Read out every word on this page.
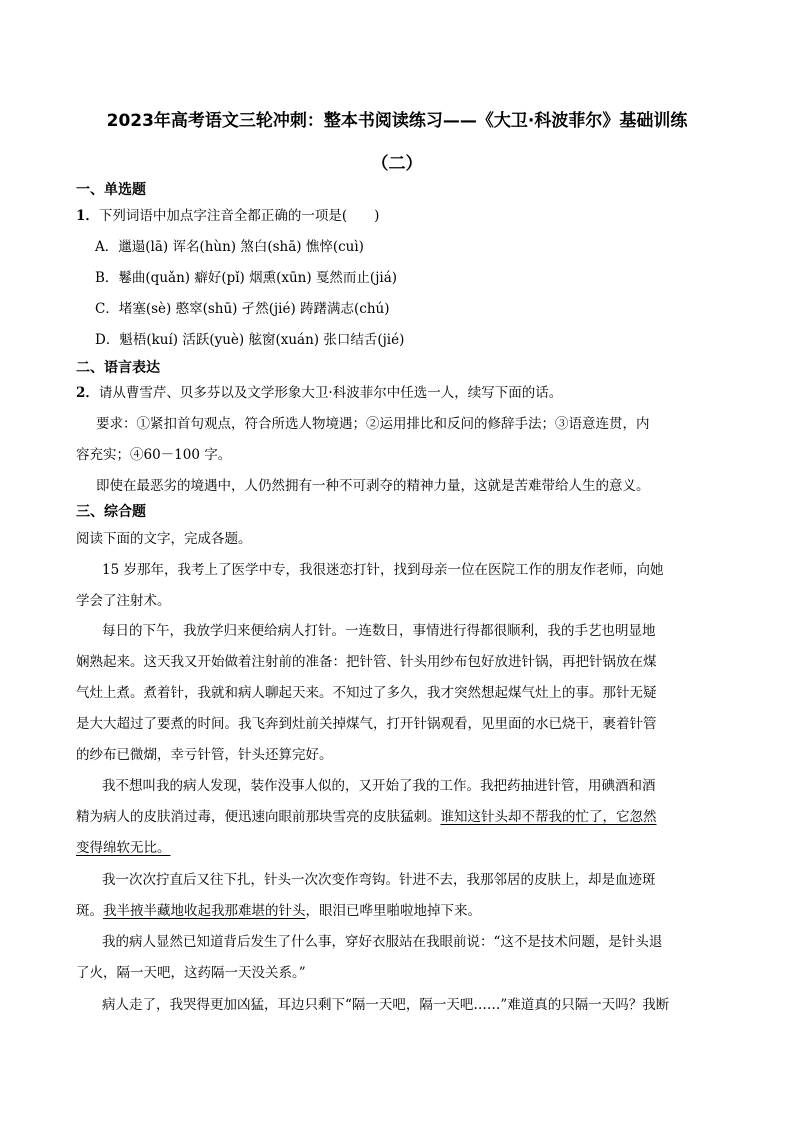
2023年高考语文三轮冲刺：整本书阅读练习——《大卫·科波菲尔》基础训练
（二）
一、单选题
1．下列词语中加点字注音全都正确的一项是(　　)
A．邋遢(lā) 诨名(hùn) 煞白(shā) 憔悴(cuì)
B．鬈曲(quǎn) 癖好(pǐ) 烟熏(xūn) 戛然而止(jiá)
C．堵塞(sè) 憨窣(shū) 孑然(jié) 踌躇满志(chú)
D．魁梧(kuí) 活跃(yuè) 舷窗(xuán) 张口结舌(jié)
二、语言表达
2．请从曹雪芹、贝多芬以及文学形象大卫·科波菲尔中任选一人，续写下面的话。
要求：①紧扣首句观点，符合所选人物境遇；②运用排比和反问的修辞手法；③语意连贯，内
容充实；④60－100 字。
即使在最恶劣的境遇中，人仍然拥有一种不可剥夺的精神力量，这就是苦难带给人生的意义。
三、综合题
阅读下面的文字，完成各题。
15 岁那年，我考上了医学中专，我很迷恋打针，找到母亲一位在医院工作的朋友作老师，向她
学会了注射术。
每日的下午，我放学归来便给病人打针。一连数日，事情进行得都很顺利，我的手艺也明显地
娴熟起来。这天我又开始做着注射前的准备：把针管、针头用纱布包好放进针锅，再把针锅放在煤
气灶上煮。煮着针，我就和病人聊起天来。不知过了多久，我才突然想起煤气灶上的事。那针无疑
是大大超过了要煮的时间。我飞奔到灶前关掉煤气，打开针锅观看，见里面的水已烧干，裹着针管
的纱布已微煳，幸亏针管，针头还算完好。
我不想叫我的病人发现，装作没事人似的，又开始了我的工作。我把药抽进针管，用碘酒和酒
精为病人的皮肤消过毒，便迅速向眼前那块雪亮的皮肤猛刺。谁知这针头却不帮我的忙了，它忽然
变得绵软无比。
我一次次拧直后又往下扎，针头一次次变作弯钩。针进不去，我那邻居的皮肤上，却是血迹斑
斑。我半掖半藏地收起我那难堪的针头，眼泪已哗里啪啦地掉下来。
我的病人显然已知道背后发生了什么事，穿好衣服站在我眼前说：“这不是技术问题，是针头退
了火，隔一天吧，这药隔一天没关系。”
病人走了，我哭得更加凶猛，耳边只剩下“隔一天吧，隔一天吧……”难道真的只隔一天吗？我断
